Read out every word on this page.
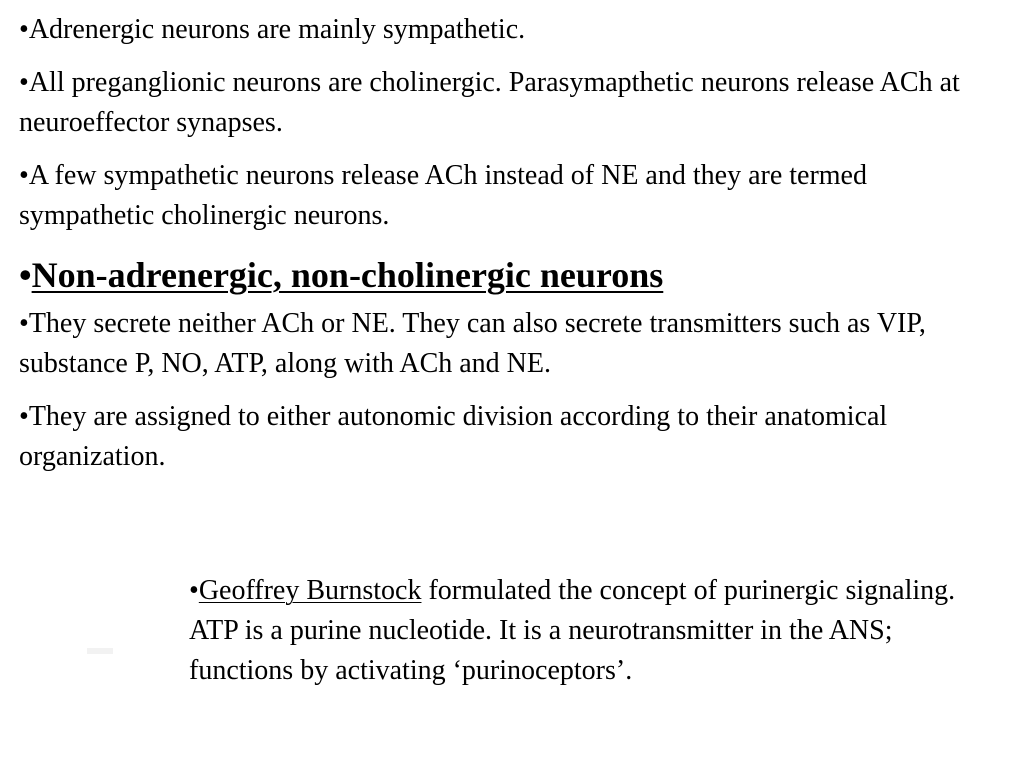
•Adrenergic neurons are mainly sympathetic.

•All preganglionic neurons are cholinergic. Parasymapthetic neurons release ACh at neuroeffector synapses.

•A few sympathetic neurons release ACh instead of NE and they are termed sympathetic cholinergic neurons.

•Non-adrenergic, non-cholinergic neurons

•They secrete neither ACh or NE. They can also secrete transmitters such as VIP, substance P, NO, ATP, along with ACh and NE.

•They are assigned to either autonomic division according to their anatomical organization.

•Geoffrey Burnstock formulated the concept of purinergic signaling. ATP is a purine nucleotide. It is a neurotransmitter in the ANS; functions by activating ‘purinoceptors’.
